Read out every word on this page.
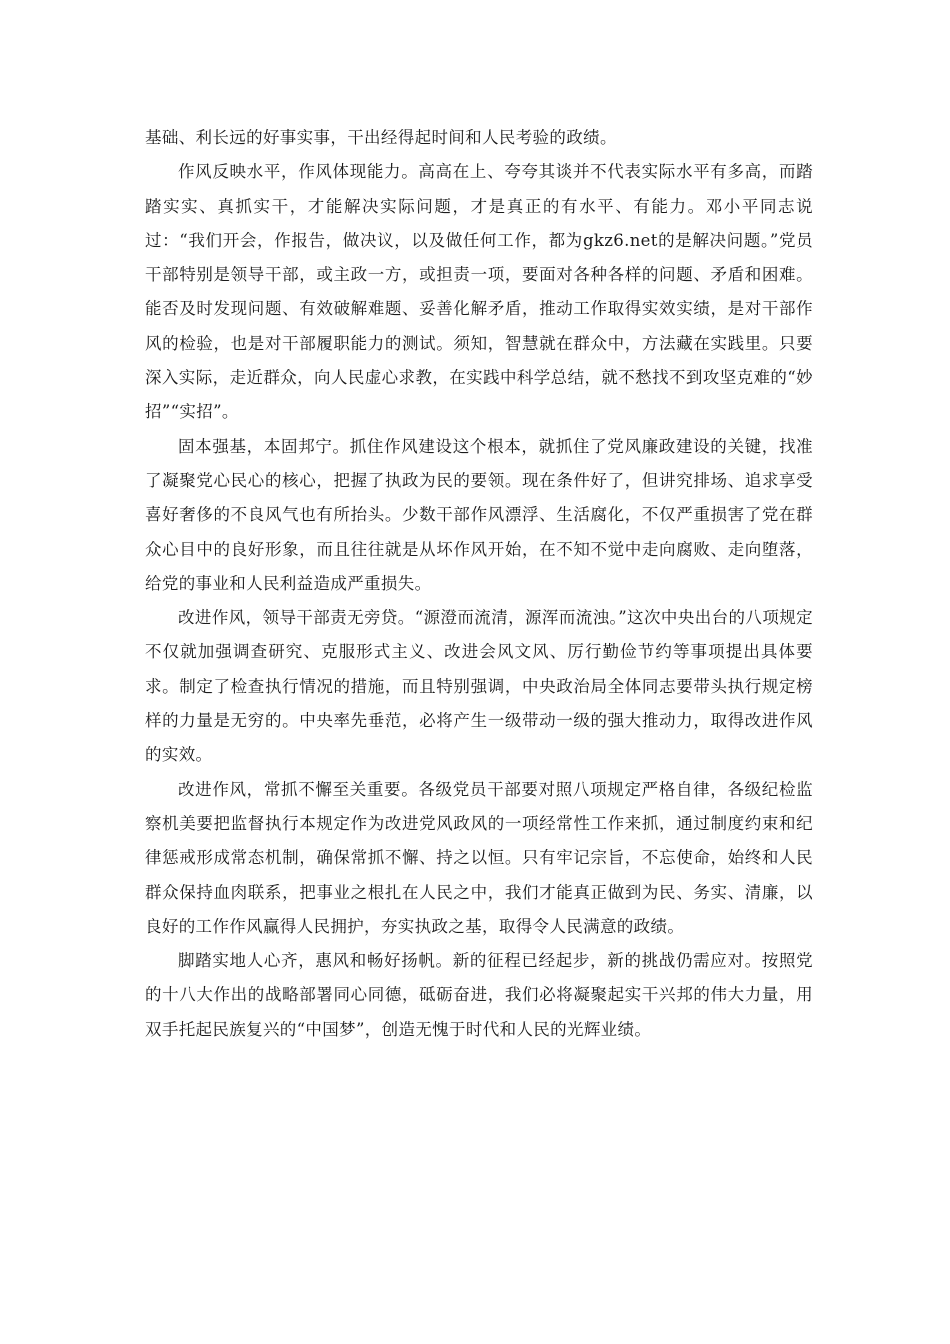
基础、利长远的好事实事，干出经得起时间和人民考验的政绩。

作风反映水平，作风体现能力。高高在上、夸夸其谈并不代表实际水平有多高，而踏踏实实、真抓实干，才能解决实际问题，才是真正的有水平、有能力。邓小平同志说过：“我们开会，作报告，做决议，以及做任何工作，都为gkz6.net的是解决问题。”党员干部特别是领导干部，或主政一方，或担责一项，要面对各种各样的问题、矛盾和困难。能否及时发现问题、有效破解难题、妥善化解矛盾，推动工作取得实效实绩，是对干部作风的检验，也是对干部履职能力的测试。须知，智慧就在群众中，方法藏在实践里。只要深入实际，走近群众，向人民虚心求教，在实践中科学总结，就不愁找不到攻坚克难的“妙招”“实招”。

固本强基，本固邦宁。抓住作风建设这个根本，就抓住了党风廉政建设的关键，找准了凝聚党心民心的核心，把握了执政为民的要领。现在条件好了，但讲究排场、追求享受喜好奢侈的不良风气也有所抬头。少数干部作风漂浮、生活腐化，不仅严重损害了党在群众心目中的良好形象，而且往往就是从坏作风开始，在不知不觉中走向腐败、走向堕落，给党的事业和人民利益造成严重损失。

改进作风，领导干部责无旁贷。“源澄而流清，源浑而流浊。”这次中央出台的八项规定不仅就加强调查研究、克服形式主义、改进会风文风、厉行勤俭节约等事项提出具体要求。制定了检查执行情况的措施，而且特别强调，中央政治局全体同志要带头执行规定榜样的力量是无穷的。中央率先垂范，必将产生一级带动一级的强大推动力，取得改进作风的实效。

改进作风，常抓不懈至关重要。各级党员干部要对照八项规定严格自律，各级纪检监察机美要把监督执行本规定作为改进党风政风的一项经常性工作来抓，通过制度约束和纪律惩戒形成常态机制，确保常抓不懈、持之以恒。只有牢记宗旨，不忘使命，始终和人民群众保持血肉联系，把事业之根扎在人民之中，我们才能真正做到为民、务实、清廉，以良好的工作作风赢得人民拥护，夯实执政之基，取得令人民满意的政绩。

脚踏实地人心齐，惠风和畅好扬帆。新的征程已经起步，新的挑战仍需应对。按照党的十八大作出的战略部署同心同德，砥砺奋进，我们必将凝聚起实干兴邦的伟大力量，用双手托起民族复兴的“中国梦”，创造无愧于时代和人民的光辉业绩。
